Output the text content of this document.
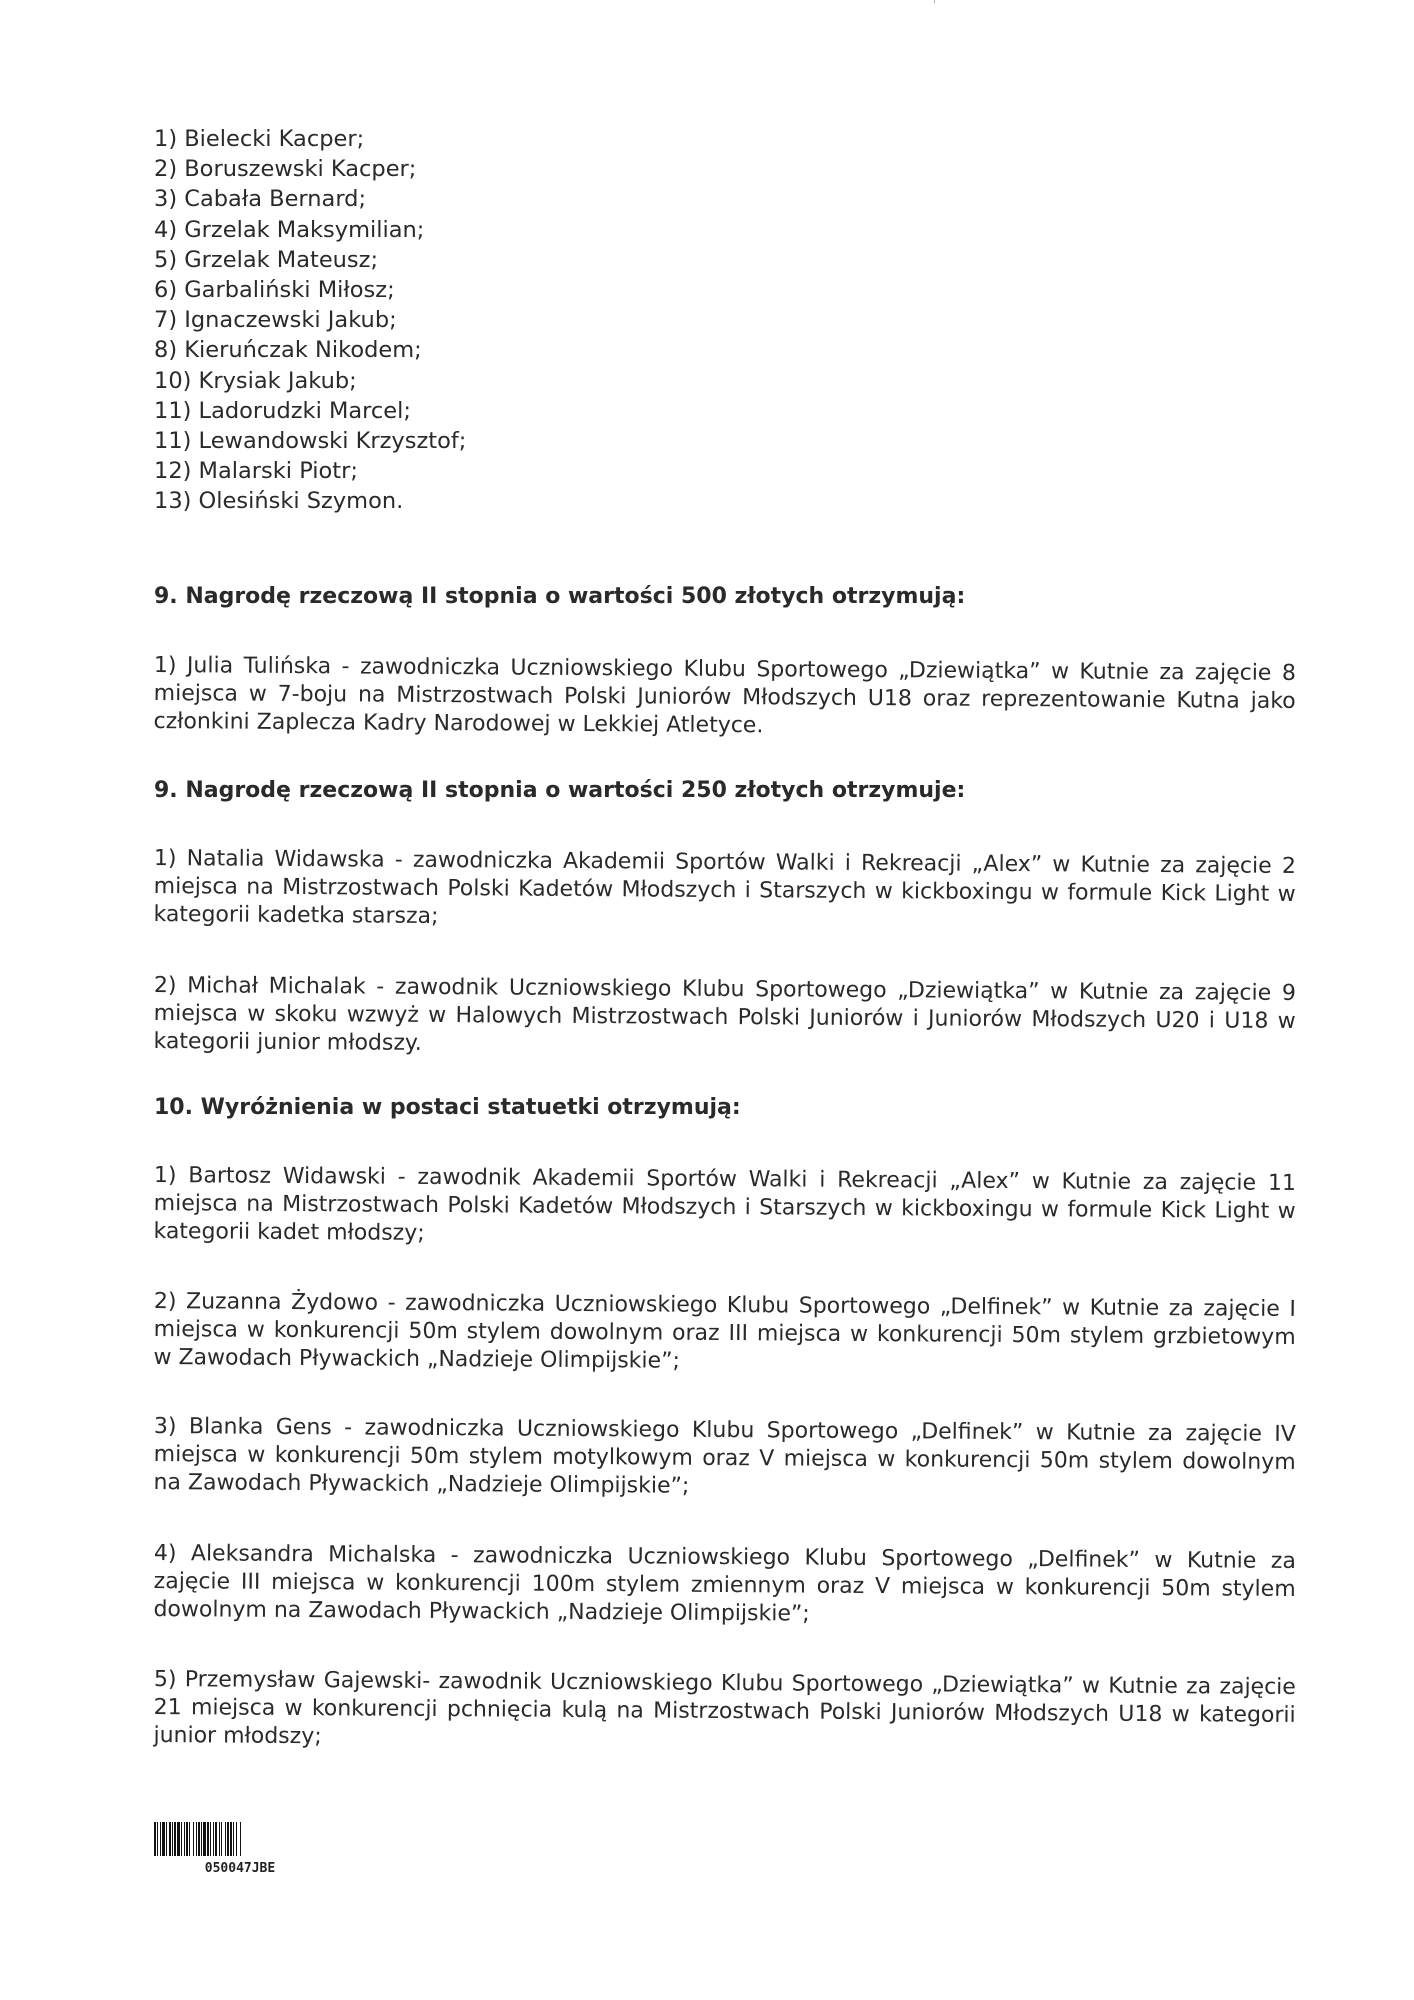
1) Bielecki Kacper;
2) Boruszewski Kacper;
3) Cabała Bernard;
4) Grzelak Maksymilian;
5) Grzelak Mateusz;
6) Garbaliński Miłosz;
7) Ignaczewski Jakub;
8) Kieruńczak Nikodem;
10) Krysiak Jakub;
11) Ladorudzki Marcel;
11) Lewandowski Krzysztof;
12) Malarski Piotr;
13) Olesiński Szymon.
9. Nagrodę rzeczową II stopnia o wartości 500 złotych otrzymują:

1) Julia Tulińska - zawodniczka Uczniowskiego Klubu Sportowego „Dziewiątka” w Kutnie za zajęcie 8 miejsca w 7-boju na Mistrzostwach Polski Juniorów Młodszych U18 oraz reprezentowanie Kutna jako członkini Zaplecza Kadry Narodowej w Lekkiej Atletyce.

9. Nagrodę rzeczową II stopnia o wartości 250 złotych otrzymuje:

1) Natalia Widawska - zawodniczka Akademii Sportów Walki i Rekreacji „Alex” w Kutnie za zajęcie 2 miejsca na Mistrzostwach Polski Kadetów Młodszych i Starszych w kickboxingu w formule Kick Light w kategorii kadetka starsza;

2) Michał Michalak - zawodnik Uczniowskiego Klubu Sportowego „Dziewiątka” w Kutnie za zajęcie 9 miejsca w skoku wzwyż w Halowych Mistrzostwach Polski Juniorów i Juniorów Młodszych U20 i U18 w kategorii junior młodszy.

10. Wyróżnienia w postaci statuetki otrzymują:

1) Bartosz Widawski - zawodnik Akademii Sportów Walki i Rekreacji „Alex” w Kutnie za zajęcie 11 miejsca na Mistrzostwach Polski Kadetów Młodszych i Starszych w kickboxingu w formule Kick Light w kategorii kadet młodszy;

2) Zuzanna Żydowo - zawodniczka Uczniowskiego Klubu Sportowego „Delfinek” w Kutnie za zajęcie I miejsca w konkurencji 50m stylem dowolnym oraz III miejsca w konkurencji 50m stylem grzbietowym w Zawodach Pływackich „Nadzieje Olimpijskie”;

3) Blanka Gens - zawodniczka Uczniowskiego Klubu Sportowego „Delfinek” w Kutnie za zajęcie IV miejsca w konkurencji 50m stylem motylkowym oraz V miejsca w konkurencji 50m stylem dowolnym na Zawodach Pływackich „Nadzieje Olimpijskie”;

4) Aleksandra Michalska - zawodniczka Uczniowskiego Klubu Sportowego „Delfinek” w Kutnie za zajęcie III miejsca w konkurencji 100m stylem zmiennym oraz V miejsca w konkurencji 50m stylem dowolnym na Zawodach Pływackich „Nadzieje Olimpijskie”;

5) Przemysław Gajewski- zawodnik Uczniowskiego Klubu Sportowego „Dziewiątka” w Kutnie za zajęcie 21 miejsca w konkurencji pchnięcia kulą na Mistrzostwach Polski Juniorów Młodszych U18 w kategorii junior młodszy;

050047JBE
